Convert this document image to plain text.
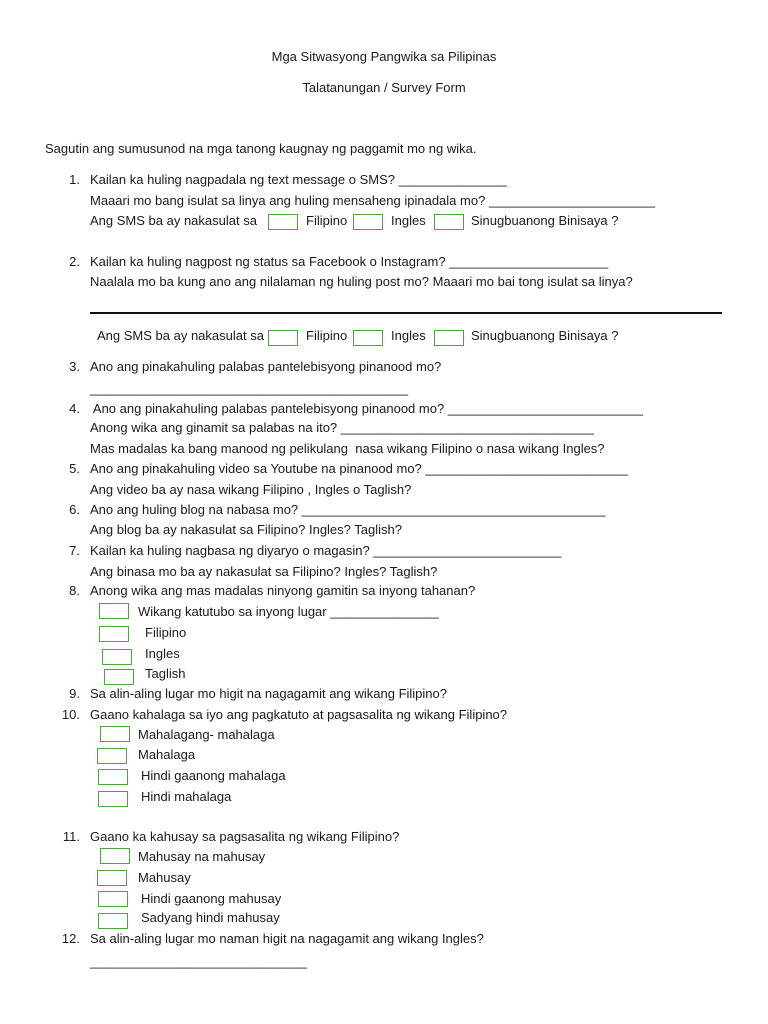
Mga Sitwasyong Pangwika sa Pilipinas
Talatanungan / Survey Form
Sagutin ang sumusunod na mga tanong kaugnay ng paggamit mo ng wika.
1. Kailan ka huling nagpadala ng text message o SMS? _______________
Maaari mo bang isulat sa linya ang huling mensaheng ipinadala mo? _______________________
Ang SMS ba ay nakasulat sa	Filipino	Ingles	Sinugbuanong Binisaya ?
2. Kailan ka huling nagpost ng status sa Facebook o Instagram? ______________________
Naalala mo ba kung ano ang nilalaman ng huling post mo? Maaari mo bai tong isulat sa linya?
Ang SMS ba ay nakasulat sa	Filipino	Ingles	Sinugbuanong Binisaya ?
3. Ano ang pinakahuling palabas pantelebisyong pinanood mo?
____________________________________________
4. Ano ang pinakahuling palabas pantelebisyong pinanood mo? ___________________________
Anong wika ang ginamit sa palabas na ito? ___________________________________
Mas madalas ka bang manood ng pelikulang  nasa wikang Filipino o nasa wikang Ingles?
5. Ano ang pinakahuling video sa Youtube na pinanood mo? ____________________________
Ang video ba ay nasa wikang Filipino , Ingles o Taglish?
6. Ano ang huling blog na nabasa mo? __________________________________________
Ang blog ba ay nakasulat sa Filipino? Ingles? Taglish?
7. Kailan ka huling nagbasa ng diyaryo o magasin? __________________________
Ang binasa mo ba ay nakasulat sa Filipino? Ingles? Taglish?
8. Anong wika ang mas madalas ninyong gamitin sa inyong tahanan?
Wikang katutubo sa inyong lugar _______________
Filipino
Ingles
Taglish
9. Sa alin-aling lugar mo higit na nagagamit ang wikang Filipino?
10. Gaano kahalaga sa iyo ang pagkatuto at pagsasalita ng wikang Filipino?
Mahalagang- mahalaga
Mahalaga
Hindi gaanong mahalaga
Hindi mahalaga
11. Gaano ka kahusay sa pagsasalita ng wikang Filipino?
Mahusay na mahusay
Mahusay
Hindi gaanong mahusay
Sadyang hindi mahusay
12. Sa alin-aling lugar mo naman higit na nagagamit ang wikang Ingles?
______________________________
